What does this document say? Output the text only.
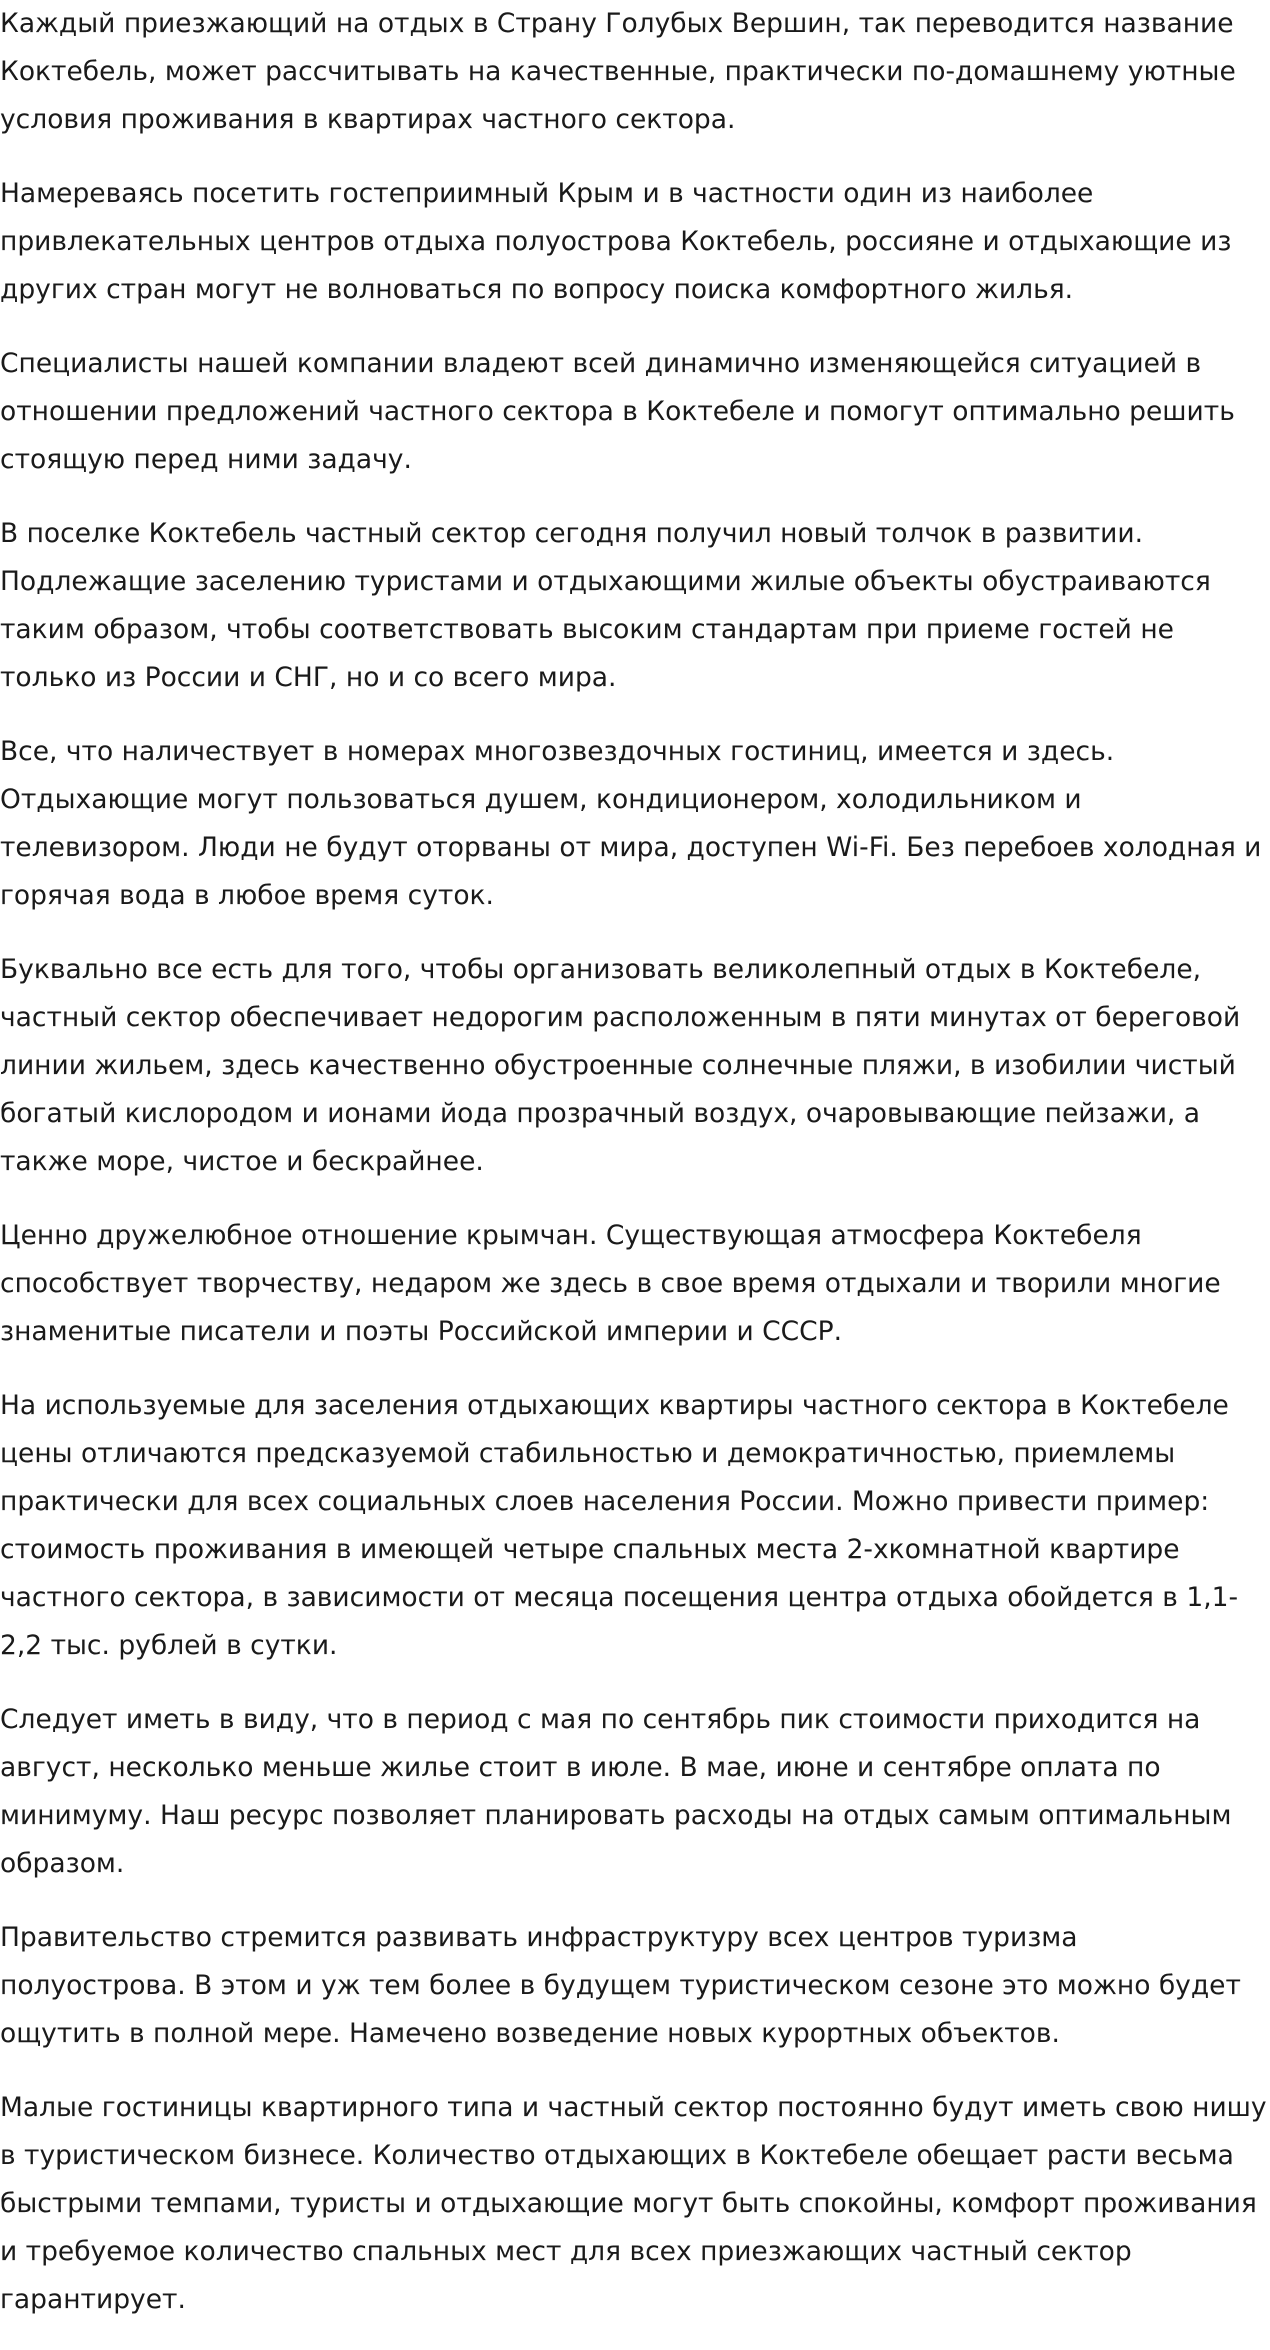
Каждый приезжающий на отдых в Страну Голубых Вершин, так переводится название Коктебель, может рассчитывать на качественные, практически по-домашнему уютные условия проживания в квартирах частного сектора.

Намереваясь посетить гостеприимный Крым и в частности один из наиболее привлекательных центров отдыха полуострова Коктебель, россияне и отдыхающие из других стран могут не волноваться по вопросу поиска комфортного жилья.

Специалисты нашей компании владеют всей динамично изменяющейся ситуацией в отношении предложений частного сектора в Коктебеле и помогут оптимально решить стоящую перед ними задачу.

В поселке Коктебель частный сектор сегодня получил новый толчок в развитии. Подлежащие заселению туристами и отдыхающими жилые объекты обустраиваются таким образом, чтобы соответствовать высоким стандартам при приеме гостей не только из России и СНГ, но и со всего мира.

Все, что наличествует в номерах многозвездочных гостиниц, имеется и здесь. Отдыхающие могут пользоваться душем, кондиционером, холодильником и телевизором. Люди не будут оторваны от мира, доступен Wi-Fi. Без перебоев холодная и горячая вода в любое время суток.

Буквально все есть для того, чтобы организовать великолепный отдых в Коктебеле, частный сектор обеспечивает недорогим расположенным в пяти минутах от береговой линии жильем, здесь качественно обустроенные солнечные пляжи, в изобилии чистый богатый кислородом и ионами йода прозрачный воздух, очаровывающие пейзажи, а также море, чистое и бескрайнее.

Ценно дружелюбное отношение крымчан. Существующая атмосфера Коктебеля способствует творчеству, недаром же здесь в свое время отдыхали и творили многие знаменитые писатели и поэты Российской империи и СССР.

На используемые для заселения отдыхающих квартиры частного сектора в Коктебеле цены отличаются предсказуемой стабильностью и демократичностью, приемлемы практически для всех социальных слоев населения России. Можно привести пример: стоимость проживания в имеющей четыре спальных места 2-хкомнатной квартире частного сектора, в зависимости от месяца посещения центра отдыха обойдется в 1,1-2,2 тыс. рублей в сутки.

Следует иметь в виду, что в период с мая по сентябрь пик стоимости приходится на август, несколько меньше жилье стоит в июле. В мае, июне и сентябре оплата по минимуму. Наш ресурс позволяет планировать расходы на отдых самым оптимальным образом.

Правительство стремится развивать инфраструктуру всех центров туризма полуострова. В этом и уж тем более в будущем туристическом сезоне это можно будет ощутить в полной мере. Намечено возведение новых курортных объектов.

Малые гостиницы квартирного типа и частный сектор постоянно будут иметь свою нишу в туристическом бизнесе. Количество отдыхающих в Коктебеле обещает расти весьма быстрыми темпами, туристы и отдыхающие могут быть спокойны, комфорт проживания и требуемое количество спальных мест для всех приезжающих частный сектор гарантирует.
